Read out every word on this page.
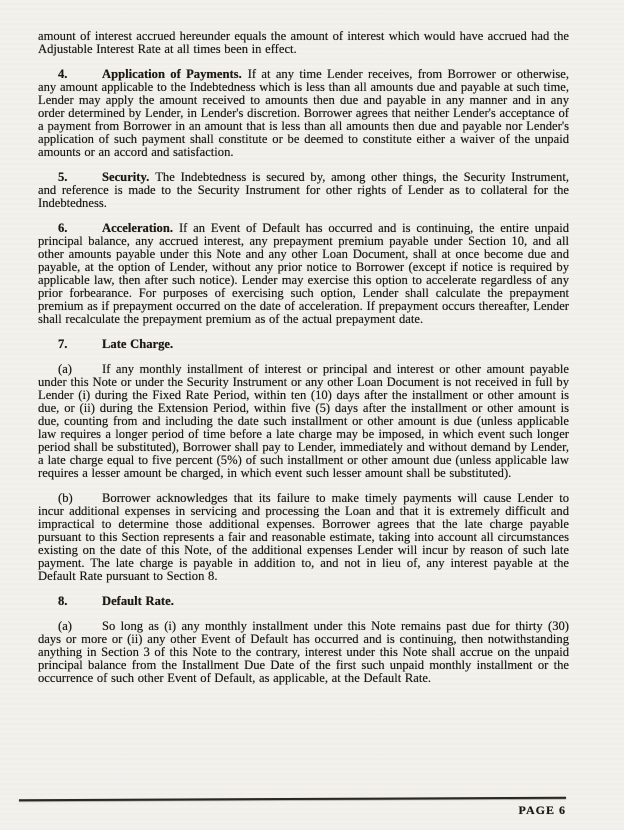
amount of interest accrued hereunder equals the amount of interest which would have accrued had the Adjustable Interest Rate at all times been in effect.

4.	Application of Payments. If at any time Lender receives, from Borrower or otherwise, any amount applicable to the Indebtedness which is less than all amounts due and payable at such time, Lender may apply the amount received to amounts then due and payable in any manner and in any order determined by Lender, in Lender's discretion. Borrower agrees that neither Lender's acceptance of a payment from Borrower in an amount that is less than all amounts then due and payable nor Lender's application of such payment shall constitute or be deemed to constitute either a waiver of the unpaid amounts or an accord and satisfaction.

5.	Security. The Indebtedness is secured by, among other things, the Security Instrument, and reference is made to the Security Instrument for other rights of Lender as to collateral for the Indebtedness.

6.	Acceleration. If an Event of Default has occurred and is continuing, the entire unpaid principal balance, any accrued interest, any prepayment premium payable under Section 10, and all other amounts payable under this Note and any other Loan Document, shall at once become due and payable, at the option of Lender, without any prior notice to Borrower (except if notice is required by applicable law, then after such notice). Lender may exercise this option to accelerate regardless of any prior forbearance. For purposes of exercising such option, Lender shall calculate the prepayment premium as if prepayment occurred on the date of acceleration. If prepayment occurs thereafter, Lender shall recalculate the prepayment premium as of the actual prepayment date.

7.	Late Charge.

(a) If any monthly installment of interest or principal and interest or other amount payable under this Note or under the Security Instrument or any other Loan Document is not received in full by Lender (i) during the Fixed Rate Period, within ten (10) days after the installment or other amount is due, or (ii) during the Extension Period, within five (5) days after the installment or other amount is due, counting from and including the date such installment or other amount is due (unless applicable law requires a longer period of time before a late charge may be imposed, in which event such longer period shall be substituted), Borrower shall pay to Lender, immediately and without demand by Lender, a late charge equal to five percent (5%) of such installment or other amount due (unless applicable law requires a lesser amount be charged, in which event such lesser amount shall be substituted).

(b) Borrower acknowledges that its failure to make timely payments will cause Lender to incur additional expenses in servicing and processing the Loan and that it is extremely difficult and impractical to determine those additional expenses. Borrower agrees that the late charge payable pursuant to this Section represents a fair and reasonable estimate, taking into account all circumstances existing on the date of this Note, of the additional expenses Lender will incur by reason of such late payment. The late charge is payable in addition to, and not in lieu of, any interest payable at the Default Rate pursuant to Section 8.

8.	Default Rate.

(a) So long as (i) any monthly installment under this Note remains past due for thirty (30) days or more or (ii) any other Event of Default has occurred and is continuing, then notwithstanding anything in Section 3 of this Note to the contrary, interest under this Note shall accrue on the unpaid principal balance from the Installment Due Date of the first such unpaid monthly installment or the occurrence of such other Event of Default, as applicable, at the Default Rate.

PAGE 6
